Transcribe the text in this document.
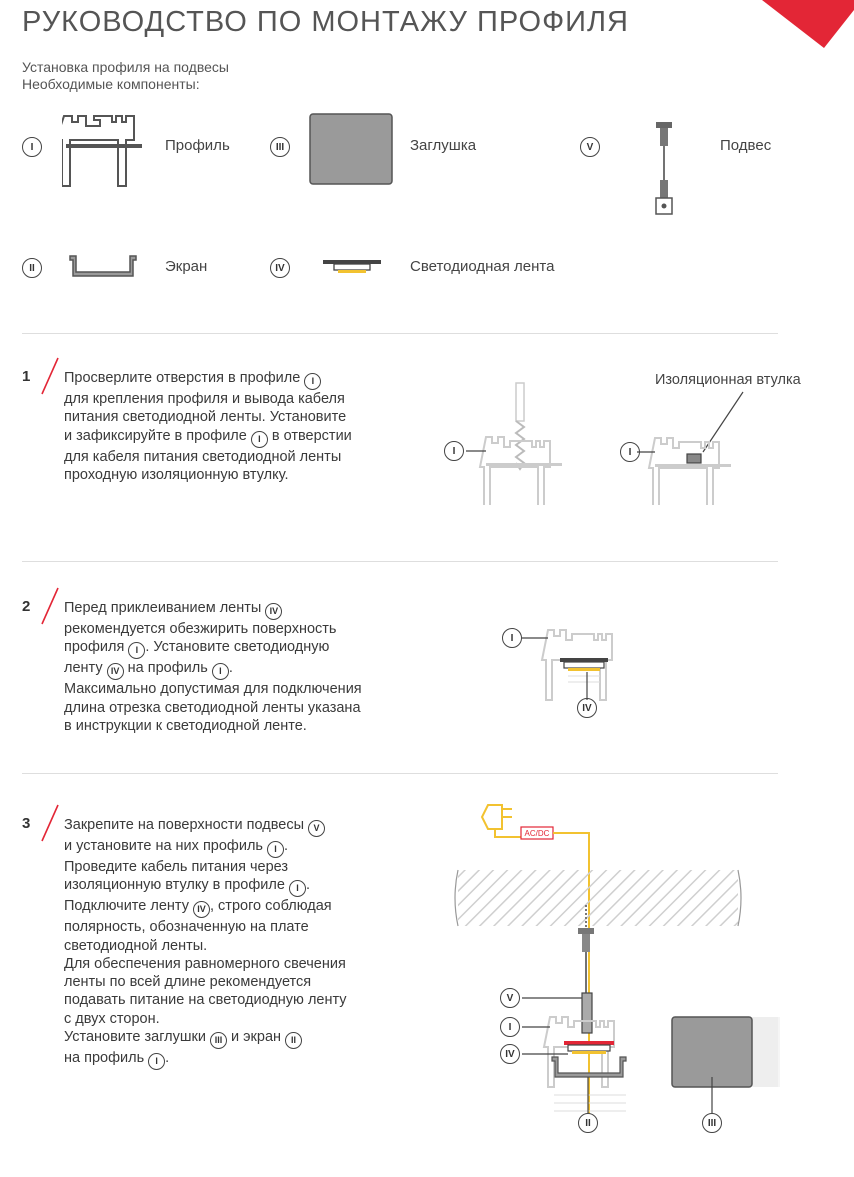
РУКОВОДСТВО ПО МОНТАЖУ ПРОФИЛЯ
Установка профиля на подвесы
Необходимые компоненты:
I	Профиль	III	Заглушка	V	Подвес
II	Экран	IV	Светодиодная лента
1 Просверлите отверстия в профиле I
для крепления профиля и вывода кабеля
питания светодиодной ленты. Установите
и зафиксируйте в профиле I в отверстии
для кабеля питания светодиодной ленты
проходную изоляционную втулку.
I	I
Изоляционная втулка
2 Перед приклеиванием ленты IV
рекомендуется обезжирить поверхность
профиля I . Установите светодиодную
ленту IV на профиль I .
Максимально допустимая для подключения
длина отрезка светодиодной ленты указана
в инструкции к светодиодной ленте.
I
IV
3 Закрепите на поверхности подвесы V
и установите на них профиль I .
Проведите кабель питания через
изоляционную втулку в профиле I .
Подключите ленту IV , строго соблюдая
полярность, обозначенную на плате
светодиодной ленты.
Для обеспечения равномерного свечения
ленты по всей длине рекомендуется
подавать питание на светодиодную ленту
с двух сторон.
Установите заглушки III и экран II
на профиль I .
AC/DC
V
I
IV
II	III
